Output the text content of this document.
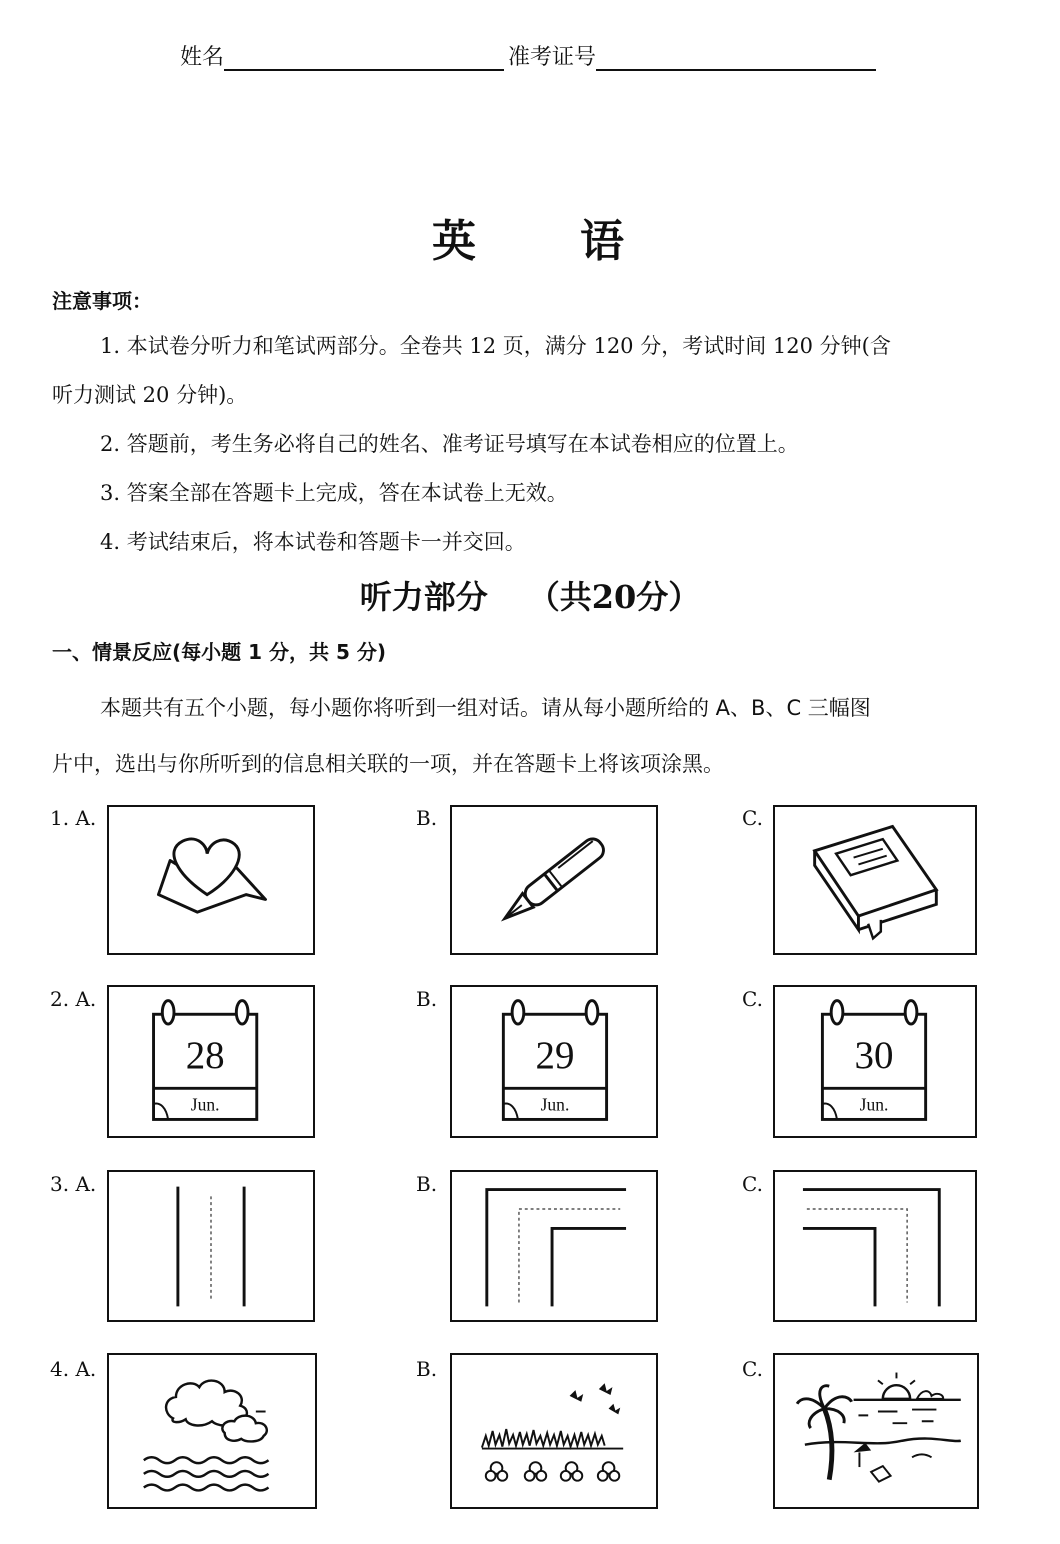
姓名	准考证号
英 语
注意事项：
1. 本试卷分听力和笔试两部分。全卷共 12 页，满分 120 分，考试时间 120 分钟(含
听力测试 20 分钟)。
2. 答题前，考生务必将自己的姓名、准考证号填写在本试卷相应的位置上。
3. 答案全部在答题卡上完成，答在本试卷上无效。
4. 考试结束后，将本试卷和答题卡一并交回。
听力部分 （共20分）
一、情景反应(每小题 1 分，共 5 分)
本题共有五个小题，每小题你将听到一组对话。请从每小题所给的 A、B、C 三幅图
片中，选出与你所听到的信息相关联的一项，并在答题卡上将该项涂黑。
1. A.	B.	C.
2. A.	B.	C.
28
Jun.
29
Jun.
30
Jun.
3. A.	B.	C.
4. A.	B.	C.
